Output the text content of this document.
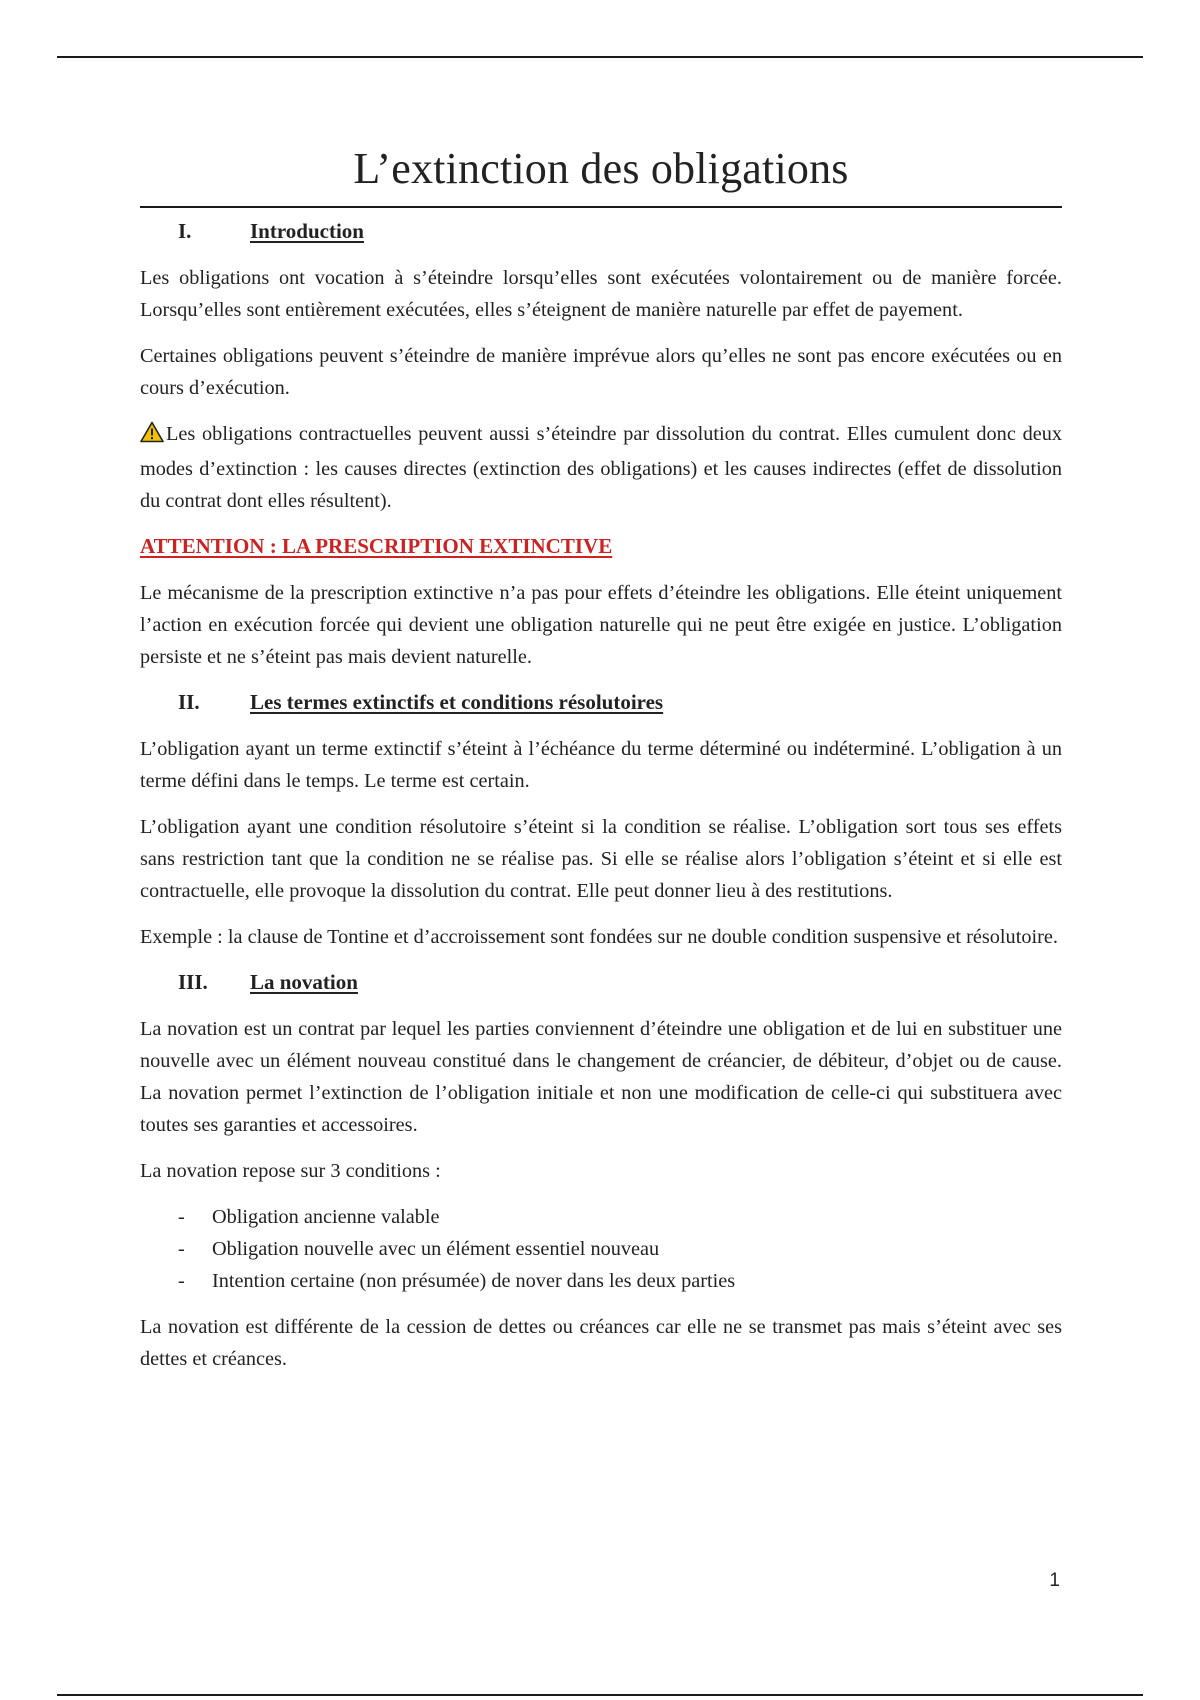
L’extinction des obligations
I.	Introduction

Les obligations ont vocation à s’éteindre lorsqu’elles sont exécutées volontairement ou de manière forcée. Lorsqu’elles sont entièrement exécutées, elles s’éteignent de manière naturelle par effet de payement.

Certaines obligations peuvent s’éteindre de manière imprévue alors qu’elles ne sont pas encore exécutées ou en cours d’exécution.

Les obligations contractuelles peuvent aussi s’éteindre par dissolution du contrat. Elles cumulent donc deux modes d’extinction : les causes directes (extinction des obligations) et les causes indirectes (effet de dissolution du contrat dont elles résultent).

ATTENTION : LA PRESCRIPTION EXTINCTIVE

Le mécanisme de la prescription extinctive n’a pas pour effets d’éteindre les obligations. Elle éteint uniquement l’action en exécution forcée qui devient une obligation naturelle qui ne peut être exigée en justice. L’obligation persiste et ne s’éteint pas mais devient naturelle.

II.	Les termes extinctifs et conditions résolutoires

L’obligation ayant un terme extinctif s’éteint à l’échéance du terme déterminé ou indéterminé. L’obligation à un terme défini dans le temps. Le terme est certain.

L’obligation ayant une condition résolutoire s’éteint si la condition se réalise. L’obligation sort tous ses effets sans restriction tant que la condition ne se réalise pas. Si elle se réalise alors l’obligation s’éteint et si elle est contractuelle, elle provoque la dissolution du contrat. Elle peut donner lieu à des restitutions.

Exemple : la clause de Tontine et d’accroissement sont fondées sur ne double condition suspensive et résolutoire.

III.	La novation

La novation est un contrat par lequel les parties conviennent d’éteindre une obligation et de lui en substituer une nouvelle avec un élément nouveau constitué dans le changement de créancier, de débiteur, d’objet ou de cause. La novation permet l’extinction de l’obligation initiale et non une modification de celle-ci qui substituera avec toutes ses garanties et accessoires.

La novation repose sur 3 conditions :

-	Obligation ancienne valable
-	Obligation nouvelle avec un élément essentiel nouveau
-	Intention certaine (non présumée) de nover dans les deux parties

La novation est différente de la cession de dettes ou créances car elle ne se transmet pas mais s’éteint avec ses dettes et créances.

1
